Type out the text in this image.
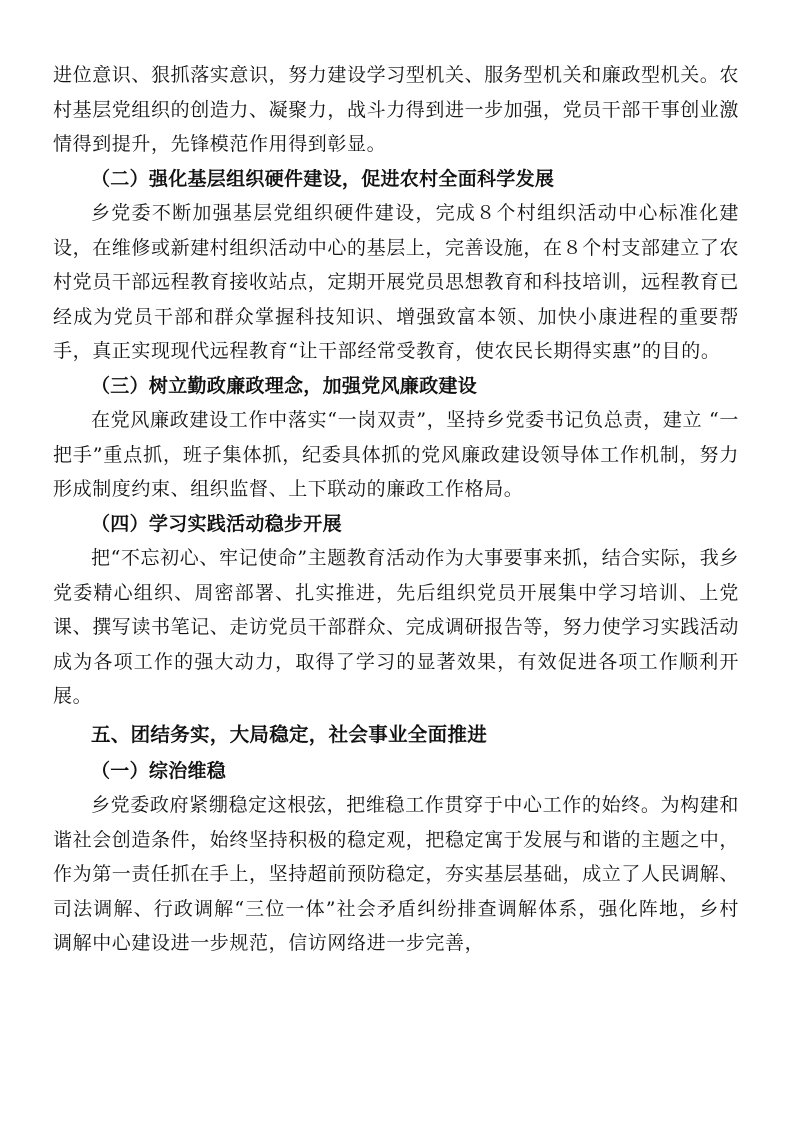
进位意识、狠抓落实意识，努力建设学习型机关、服务型机关和廉政型机关。农村基层党组织的创造力、凝聚力，战斗力得到进一步加强，党员干部干事创业激情得到提升，先锋模范作用得到彰显。

（二）强化基层组织硬件建设，促进农村全面科学发展

乡党委不断加强基层党组织硬件建设，完成８个村组织活动中心标准化建设，在维修或新建村组织活动中心的基层上，完善设施，在８个村支部建立了农村党员干部远程教育接收站点，定期开展党员思想教育和科技培训，远程教育已经成为党员干部和群众掌握科技知识、增强致富本领、加快小康进程的重要帮手，真正实现现代远程教育“让干部经常受教育，使农民长期得实惠”的目的。

（三）树立勤政廉政理念，加强党风廉政建设

在党风廉政建设工作中落实“一岗双责”，坚持乡党委书记负总责，建立 “一把手”重点抓，班子集体抓，纪委具体抓的党风廉政建设领导体工作机制，努力形成制度约束、组织监督、上下联动的廉政工作格局。

（四）学习实践活动稳步开展

把“不忘初心、牢记使命”主题教育活动作为大事要事来抓，结合实际，我乡党委精心组织、周密部署、扎实推进，先后组织党员开展集中学习培训、上党课、撰写读书笔记、走访党员干部群众、完成调研报告等，努力使学习实践活动成为各项工作的强大动力，取得了学习的显著效果，有效促进各项工作顺利开展。

五、团结务实，大局稳定，社会事业全面推进
（一）综治维稳

乡党委政府紧绷稳定这根弦，把维稳工作贯穿于中心工作的始终。为构建和谐社会创造条件，始终坚持积极的稳定观，把稳定寓于发展与和谐的主题之中，作为第一责任抓在手上，坚持超前预防稳定，夯实基层基础，成立了人民调解、司法调解、行政调解“三位一体”社会矛盾纠纷排查调解体系，强化阵地，乡村调解中心建设进一步规范，信访网络进一步完善，
